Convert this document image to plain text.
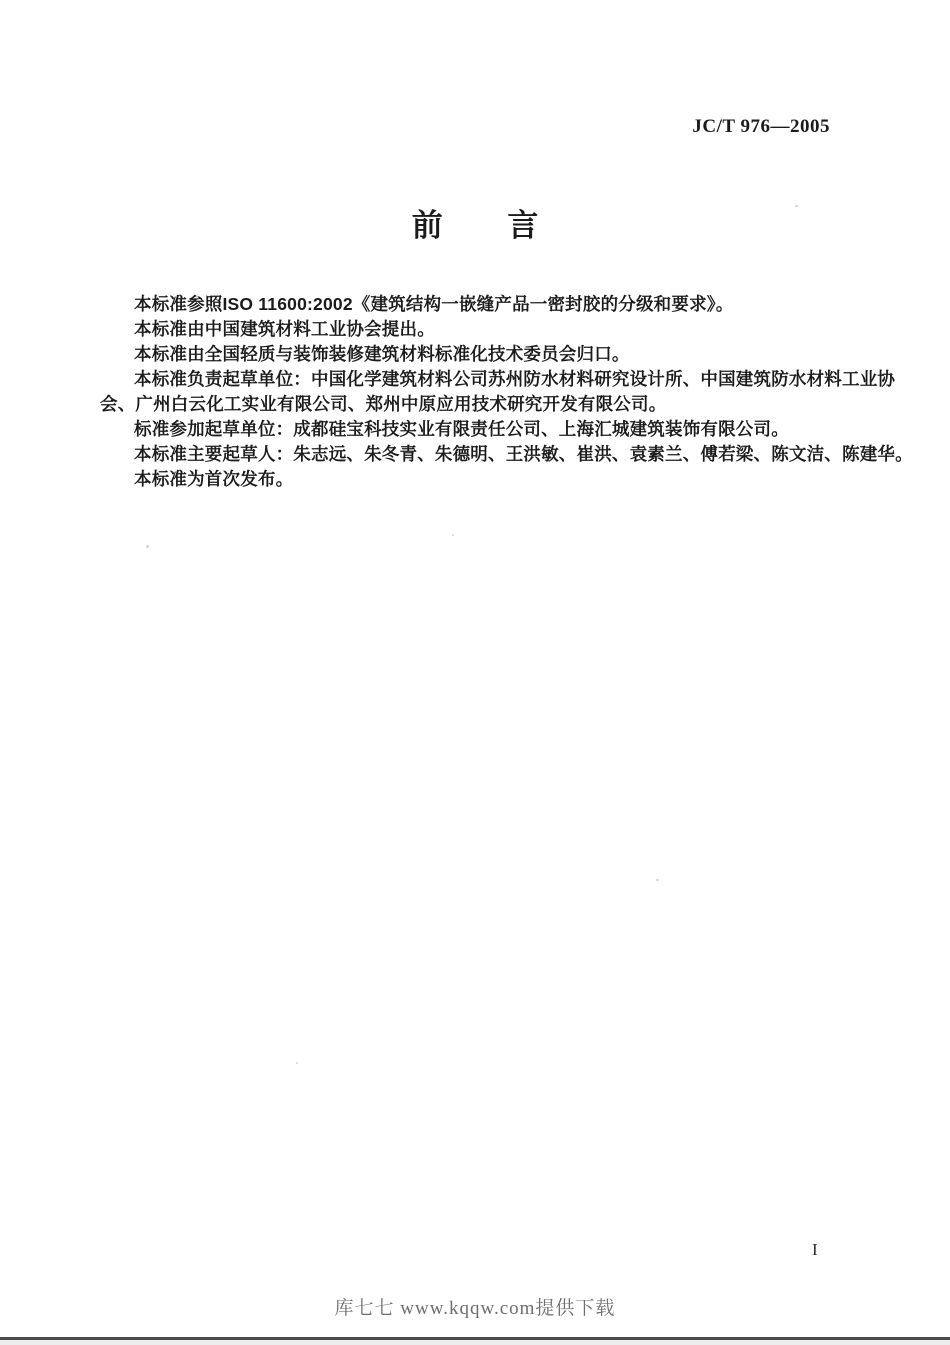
JC/T 976—2005
前 言
本标准参照ISO 11600:2002《建筑结构一嵌缝产品一密封胶的分级和要求》。
本标准由中国建筑材料工业协会提出。
本标准由全国轻质与装饰装修建筑材料标准化技术委员会归口。
本标准负责起草单位：中国化学建筑材料公司苏州防水材料研究设计所、中国建筑防水材料工业协
会、广州白云化工实业有限公司、郑州中原应用技术研究开发有限公司。
标准参加起草单位：成都硅宝科技实业有限责任公司、上海汇城建筑装饰有限公司。
本标准主要起草人：朱志远、朱冬青、朱德明、王洪敏、崔洪、袁素兰、傅若梁、陈文洁、陈建华。
本标准为首次发布。
I
库七七 www.kqqw.com提供下载
